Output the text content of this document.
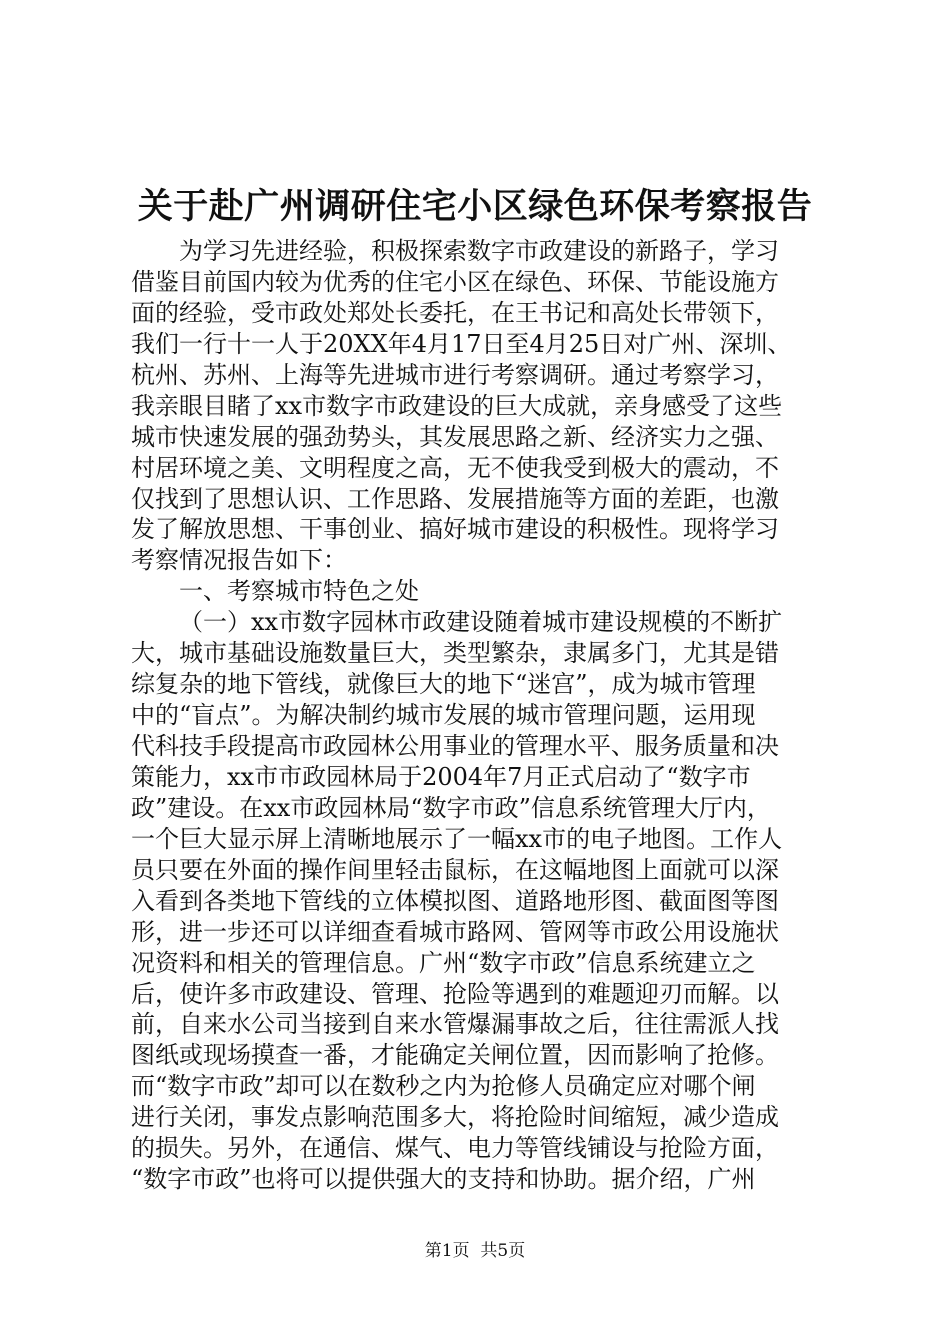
关于赴广州调研住宅小区绿色环保考察报告
为学习先进经验，积极探索数字市政建设的新路子，学习
借鉴目前国内较为优秀的住宅小区在绿色、环保、节能设施方
面的经验，受市政处郑处长委托，在王书记和高处长带领下，
我们一行十一人于20XX年4月17日至4月25日对广州、深圳、
杭州、苏州、上海等先进城市进行考察调研。通过考察学习，
我亲眼目睹了xx市数字市政建设的巨大成就，亲身感受了这些
城市快速发展的强劲势头，其发展思路之新、经济实力之强、
村居环境之美、文明程度之高，无不使我受到极大的震动，不
仅找到了思想认识、工作思路、发展措施等方面的差距，也激
发了解放思想、干事创业、搞好城市建设的积极性。现将学习
考察情况报告如下：
一、考察城市特色之处
（一）xx市数字园林市政建设随着城市建设规模的不断扩
大，城市基础设施数量巨大，类型繁杂，隶属多门，尤其是错
综复杂的地下管线，就像巨大的地下“迷宫”，成为城市管理
中的“盲点”。为解决制约城市发展的城市管理问题，运用现
代科技手段提高市政园林公用事业的管理水平、服务质量和决
策能力，xx市市政园林局于2004年7月正式启动了“数字市
政”建设。在xx市政园林局“数字市政”信息系统管理大厅内，
一个巨大显示屏上清晰地展示了一幅xx市的电子地图。工作人
员只要在外面的操作间里轻击鼠标，在这幅地图上面就可以深
入看到各类地下管线的立体模拟图、道路地形图、截面图等图
形，进一步还可以详细查看城市路网、管网等市政公用设施状
况资料和相关的管理信息。广州“数字市政”信息系统建立之
后，使许多市政建设、管理、抢险等遇到的难题迎刃而解。以
前，自来水公司当接到自来水管爆漏事故之后，往往需派人找
图纸或现场摸查一番，才能确定关闸位置，因而影响了抢修。
而“数字市政”却可以在数秒之内为抢修人员确定应对哪个闸
进行关闭，事发点影响范围多大，将抢险时间缩短，减少造成
的损失。另外，在通信、煤气、电力等管线铺设与抢险方面，
“数字市政”也将可以提供强大的支持和协助。据介绍，广州
第1页  共5页
